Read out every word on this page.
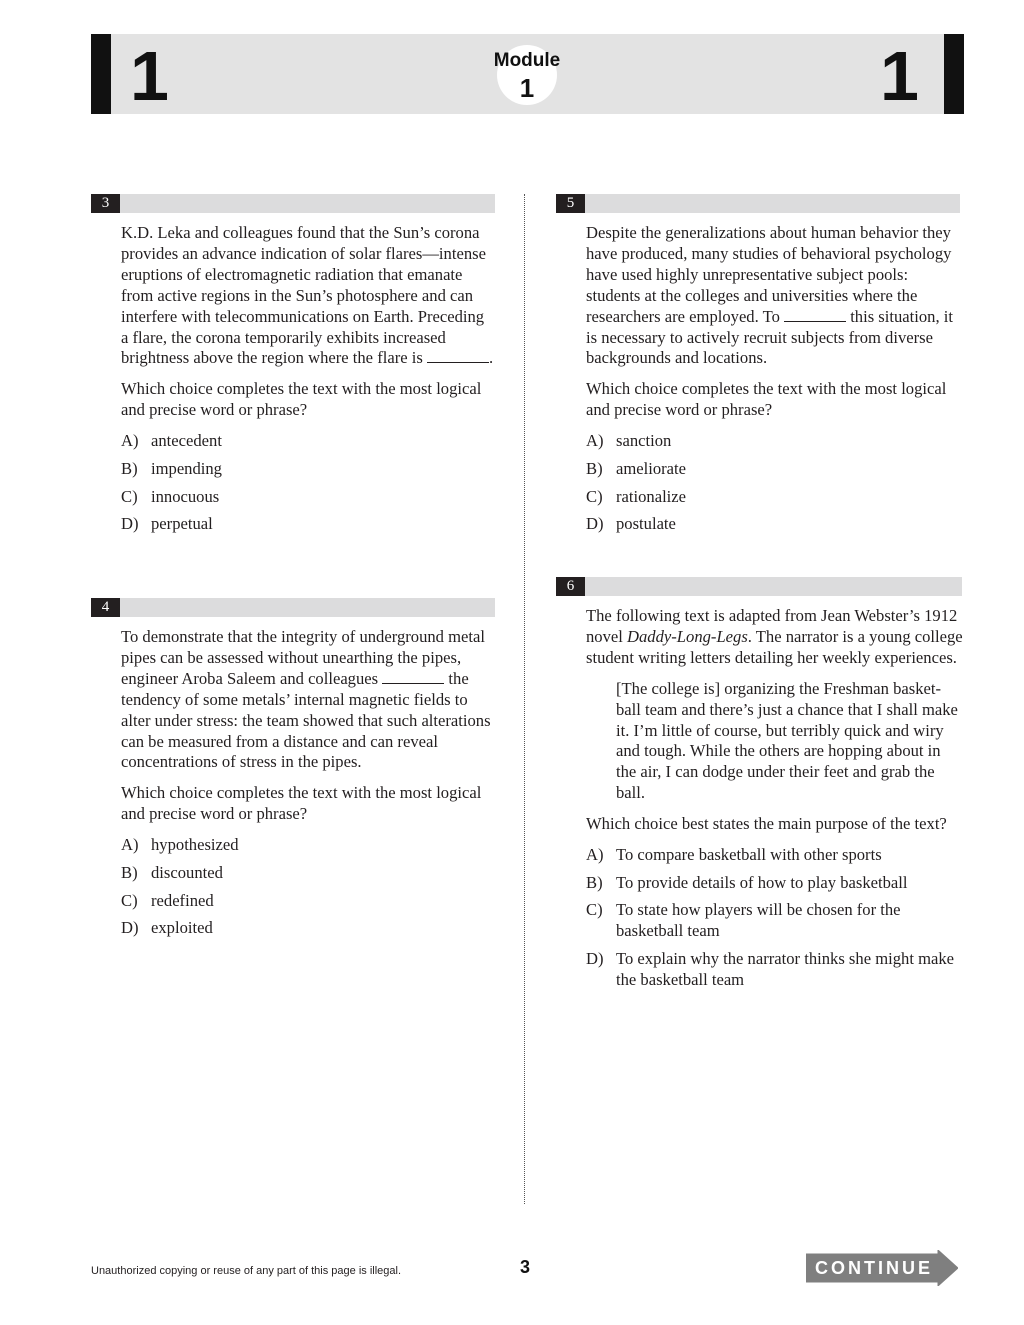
1	1
Module
1
3

K.D. Leka and colleagues found that the Sun’s corona provides an advance indication of solar flares—intense eruptions of electromagnetic radiation that emanate from active regions in the Sun’s photosphere and can interfere with telecommunications on Earth. Preceding a flare, the corona temporarily exhibits increased brightness above the region where the flare is	.

Which choice completes the text with the most logical and precise word or phrase?

A) antecedent
B) impending
C) innocuous
D) perpetual
4

To demonstrate that the integrity of underground metal pipes can be assessed without unearthing the pipes, engineer Aroba Saleem and colleagues	the tendency of some metals’ internal magnetic fields to alter under stress: the team showed that such alterations can be measured from a distance and can reveal concentrations of stress in the pipes.

Which choice completes the text with the most logical and precise word or phrase?

A) hypothesized
B) discounted
C) redefined
D) exploited
5

Despite the generalizations about human behavior they have produced, many studies of behavioral psychology have used highly unrepresentative subject pools: students at the colleges and universities where the researchers are employed. To	this situation, it is necessary to actively recruit subjects from diverse backgrounds and locations.

Which choice completes the text with the most logical and precise word or phrase?

A) sanction
B) ameliorate
C) rationalize
D) postulate
6

The following text is adapted from Jean Webster’s 1912 novel Daddy-Long-Legs. The narrator is a young college student writing letters detailing her weekly experiences.

[The college is] organizing the Freshman basket-ball team and there’s just a chance that I shall make it. I’m little of course, but terribly quick and wiry and tough. While the others are hopping about in the air, I can dodge under their feet and grab the ball.

Which choice best states the main purpose of the text?

A) To compare basketball with other sports
B) To provide details of how to play basketball
C) To state how players will be chosen for the basketball team
D) To explain why the narrator thinks she might make the basketball team
Unauthorized copying or reuse of any part of this page is illegal.	3	CONTINUE
